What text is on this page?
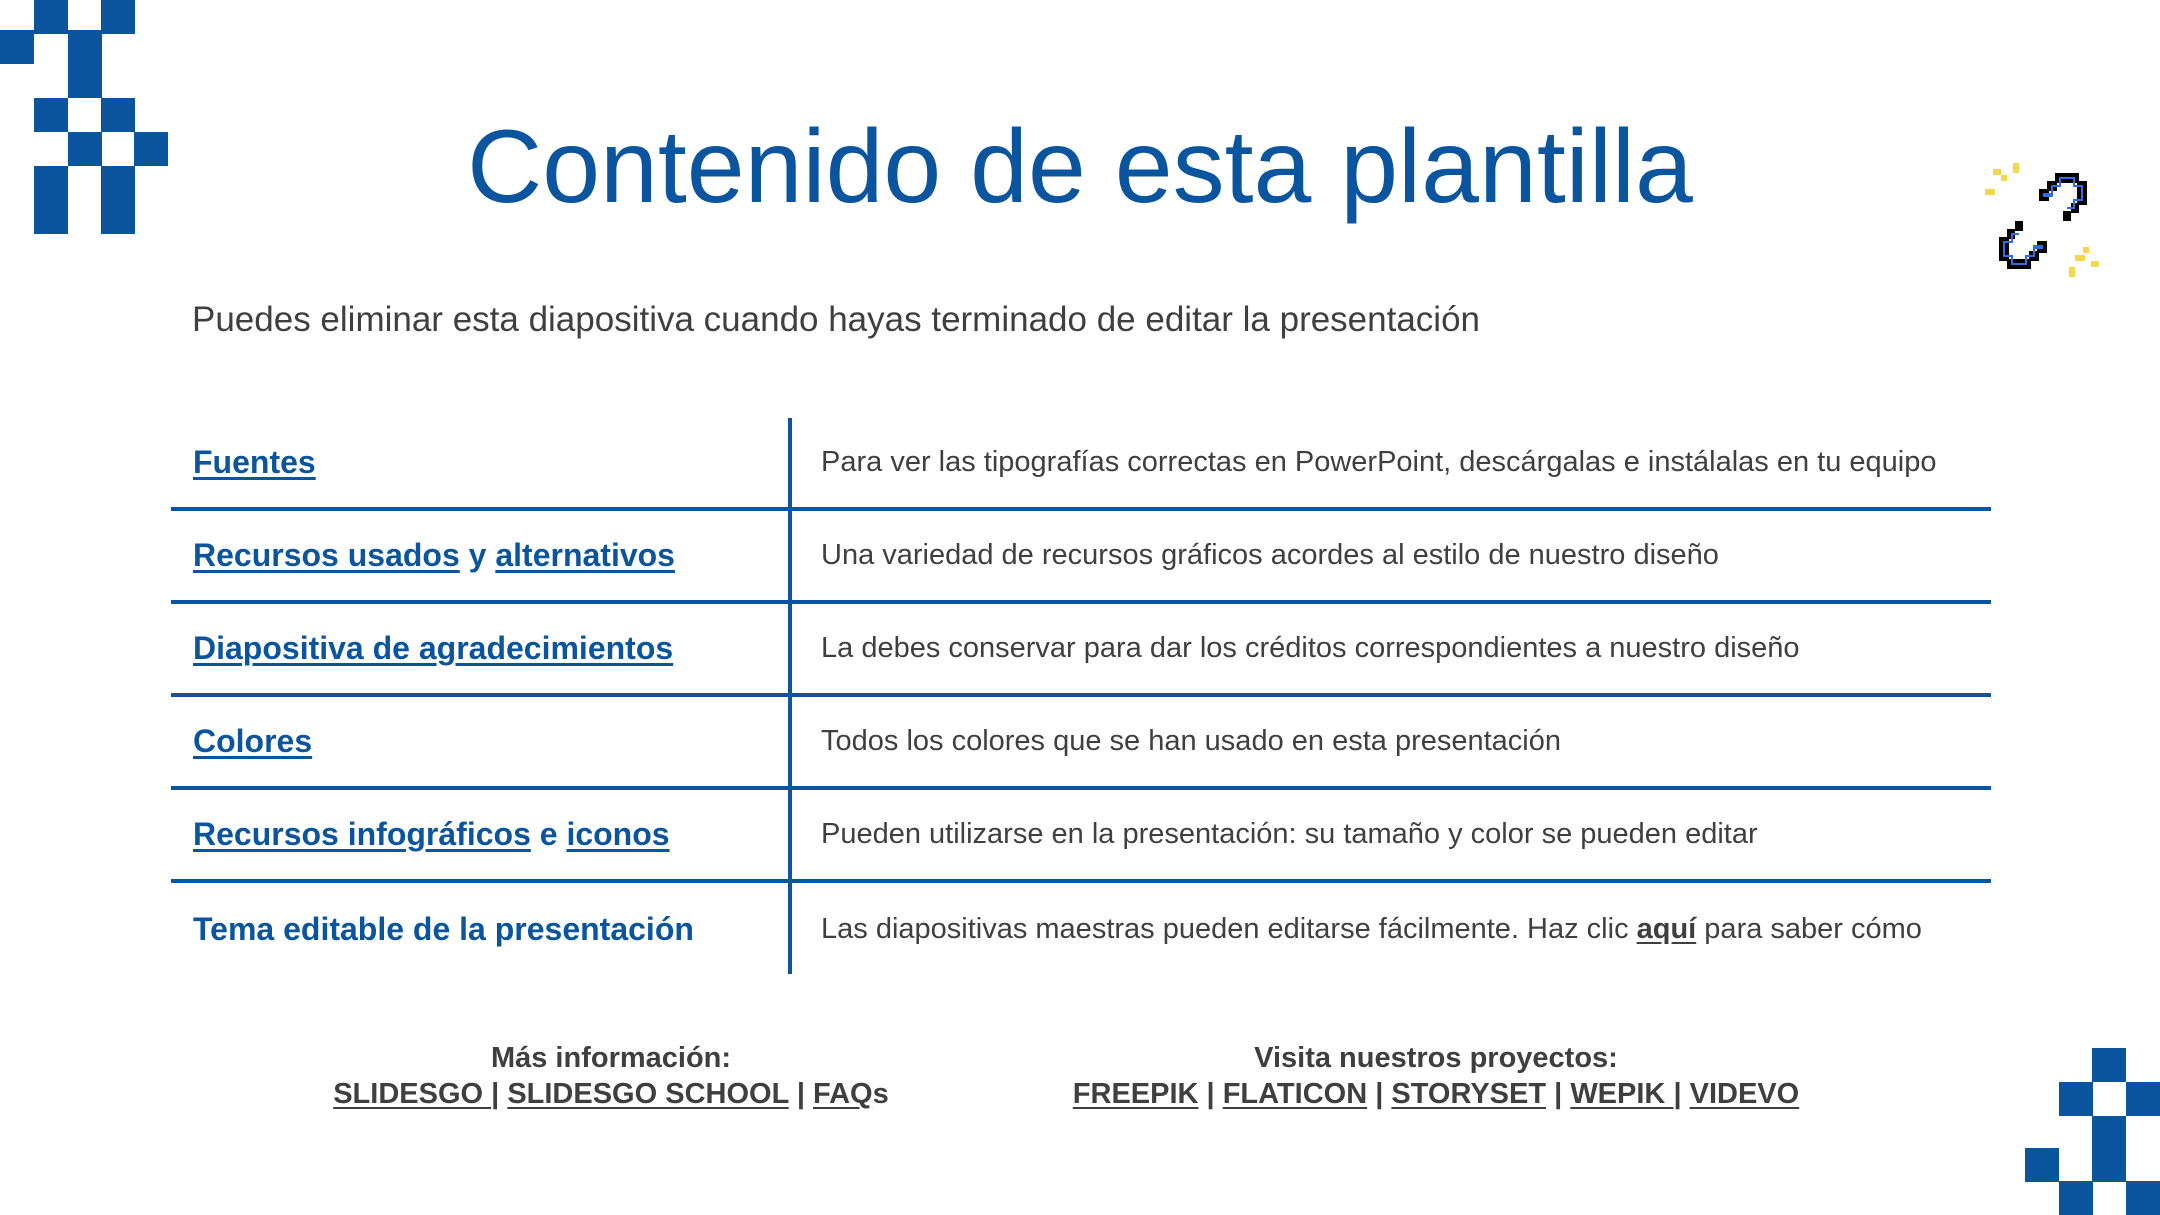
Contenido de esta plantilla
Puedes eliminar esta diapositiva cuando hayas terminado de editar la presentación
Fuentes	Para ver las tipografías correctas en PowerPoint, descárgalas e instálalas en tu equipo
Recursos usados y alternativos	Una variedad de recursos gráficos acordes al estilo de nuestro diseño
Diapositiva de agradecimientos	La debes conservar para dar los créditos correspondientes a nuestro diseño
Colores	Todos los colores que se han usado en esta presentación
Recursos infográficos e iconos	Pueden utilizarse en la presentación: su tamaño y color se pueden editar
Tema editable de la presentación	Las diapositivas maestras pueden editarse fácilmente. Haz clic aquí para saber cómo
Más información:
SLIDESGO | SLIDESGO SCHOOL | FAQs
Visita nuestros proyectos:
FREEPIK | FLATICON | STORYSET | WEPIK | VIDEVO
